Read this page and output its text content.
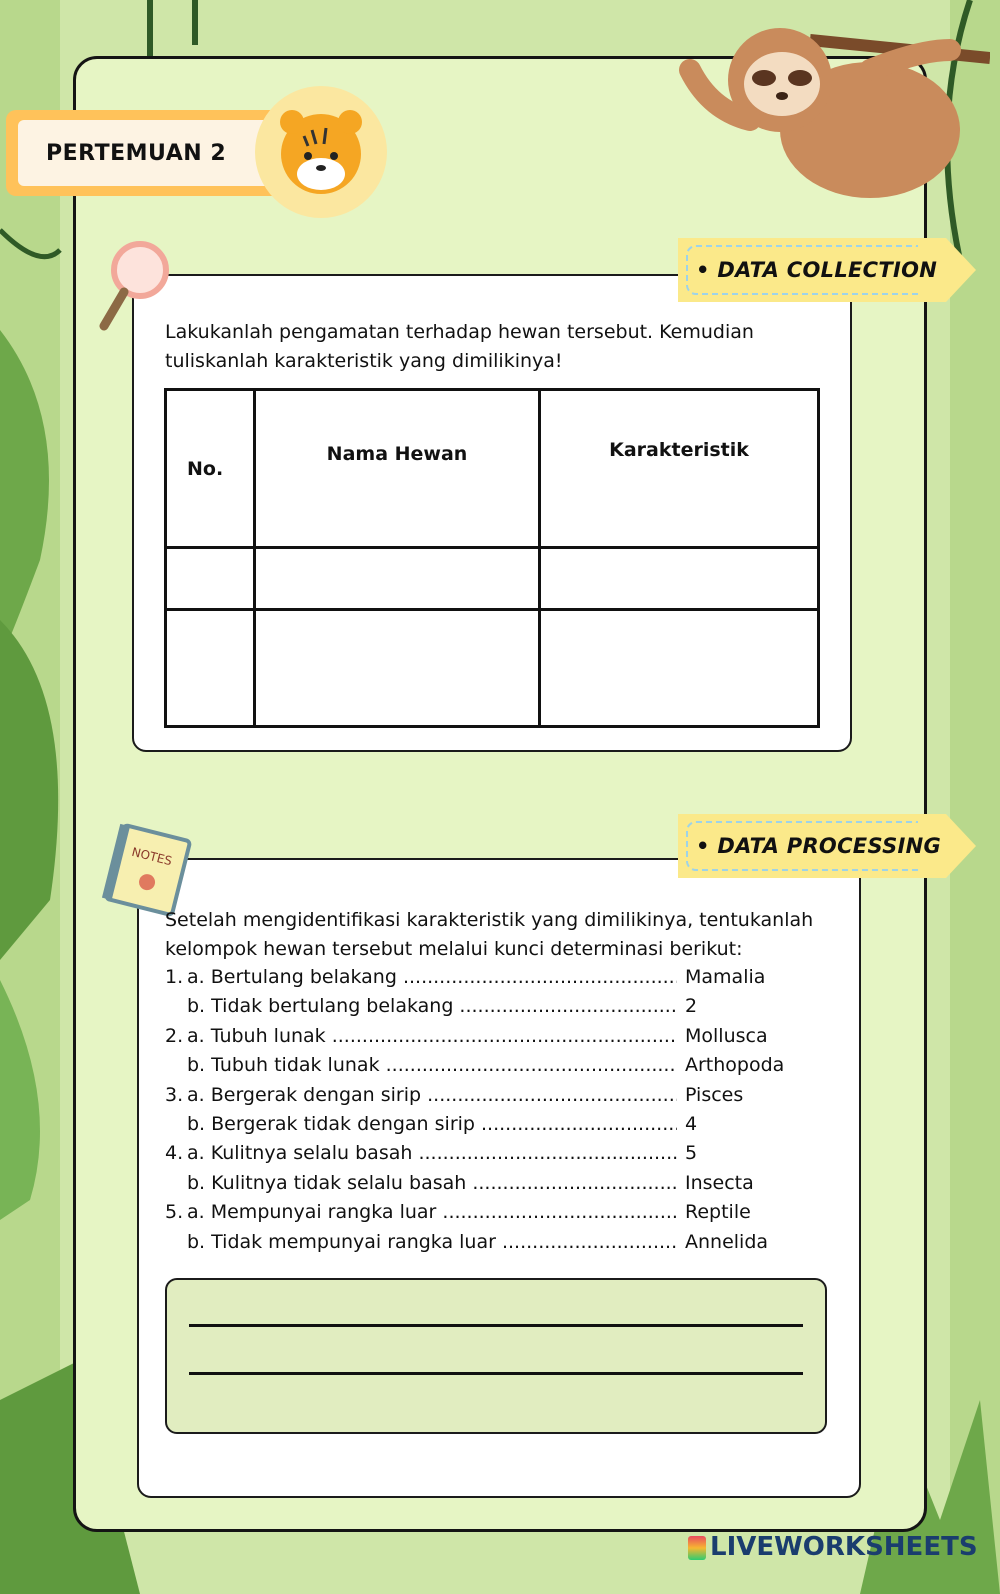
PERTEMUAN 2
• DATA COLLECTION
Lakukanlah pengamatan terhadap hewan tersebut. Kemudian
tuliskanlah karakteristik yang dimilikinya!
No.	Nama Hewan	Karakteristik

NOTES	• DATA PROCESSING
Setelah mengidentifikasi karakteristik yang dimilikinya, tentukanlah
kelompok hewan tersebut melalui kunci determinasi berikut:
1. a. Bertulang belakang .....	Mamalia
b. Tidak bertulang belakang .....	2
2. a. Tubuh lunak .....	Mollusca
b. Tubuh tidak lunak .....	Arthopoda
3. a. Bergerak dengan sirip .....	Pisces
b. Bergerak tidak dengan sirip .....	4
4. a. Kulitnya selalu basah .....	5
b. Kulitnya tidak selalu basah .....	Insecta
5. a. Mempunyai rangka luar .....	Reptile
b. Tidak mempunyai rangka luar .....	Annelida
LIVEWORKSHEETS
